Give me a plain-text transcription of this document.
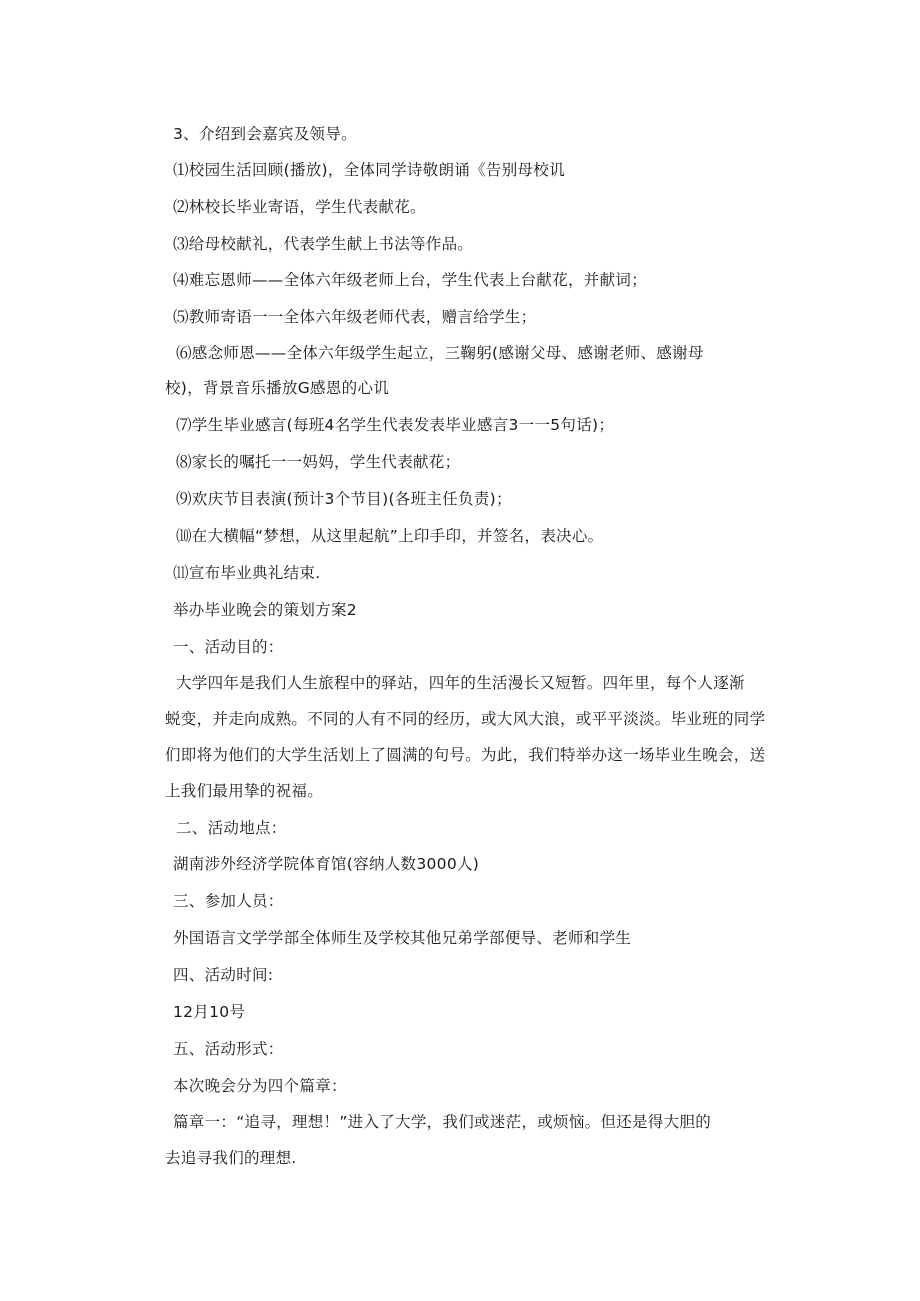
3、介绍到会嘉宾及领导。
⑴校园生活回顾(播放)，全体同学诗敬朗诵《告别母校讥
⑵林校长毕业寄语，学生代表献花。
⑶给母校献礼，代表学生献上书法等作品。
⑷难忘恩师——全体六年级老师上台，学生代表上台献花，并献词；
⑸教师寄语一一全体六年级老师代表，赠言给学生；
⑹感念师恩——全体六年级学生起立，三鞠躬(感谢父母、感谢老师、感谢母
校)，背景音乐播放G感恩的心讥
⑺学生毕业感言(每班4名学生代表发表毕业感言3一一5句话)；
⑻家长的嘱托一一妈妈，学生代表献花；
⑼欢庆节目表演(预计3个节目)(各班主任负责)；
⑽在大横幅“梦想，从这里起航”上印手印，并签名，表决心。
⑾宣布毕业典礼结束.
举办毕业晚会的策划方案2
一、活动目的：
大学四年是我们人生旅程中的驿站，四年的生活漫长又短暂。四年里，每个人逐渐
蜕变，并走向成熟。不同的人有不同的经历，或大风大浪，或平平淡淡。毕业班的同学
们即将为他们的大学生活划上了圆满的句号。为此，我们特举办这一场毕业生晚会，送
上我们最用挚的祝福。
二、活动地点：
湖南涉外经济学院体育馆(容纳人数3000人)
三、参加人员：
外国语言文学学部全体师生及学校其他兄弟学部便导、老师和学生
四、活动时间:
12月10号
五、活动形式：
本次晚会分为四个篇章：
篇章一：“追寻，理想！”进入了大学，我们或迷茫，或烦恼。但还是得大胆的
去追寻我们的理想.
